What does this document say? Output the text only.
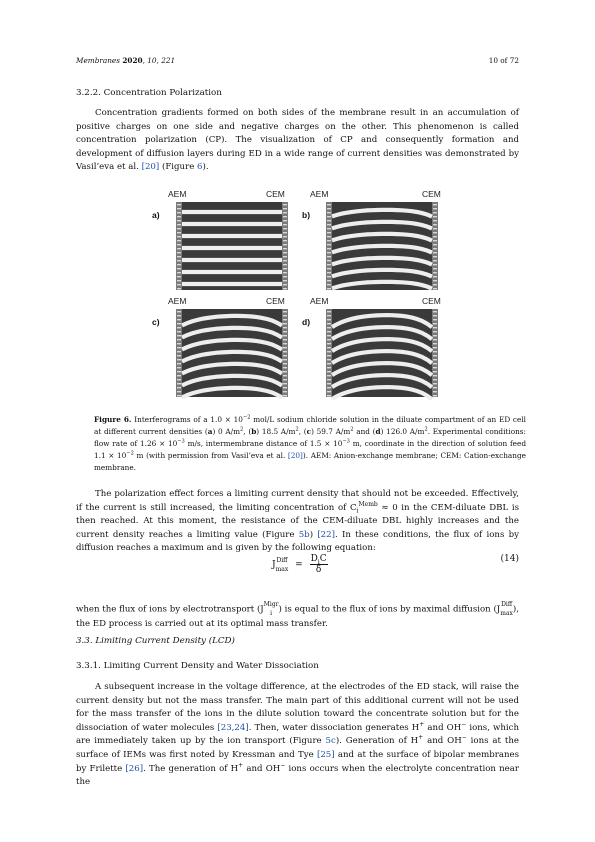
Membranes 2020, 10, 221	10 of 72
3.2.2. Concentration Polarization

Concentration gradients formed on both sides of the membrane result in an accumulation of positive charges on one side and negative charges on the other. This phenomenon is called concentration polarization (CP). The visualization of CP and consequently formation and development of diffusion layers during ED in a wide range of current densities was demonstrated by Vasil’eva et al. [20] (Figure 6).

AEM	CEM
a)
AEM	CEM
b)
AEM	CEM
c)
AEM	CEM
d)
Figure 6. Interferograms of a $1.0 \times 10^{-2}$ mol/L sodium chloride solution in the diluate compartment of an ED cell at different current densities (a) 0 $A/m^2$, (b) 18.5 $A/m^2$, (c) 59.7 $A/m^2$ and (d) 126.0 $A/m^2$. Experimental conditions: flow rate of $1.26 \times 10^{-3}$ m/s, intermembrane distance of $1.5 \times 10^{-3}$ m, coordinate in the direction of solution feed $1.1 \times 10^{-2}$ m (with permission from Vasil’eva et al. [20]). AEM: Anion-exchange membrane; CEM: Cation-exchange membrane.

The polarization effect forces a limiting current density that should not be exceeded. Effectively, if the current is still increased, the limiting concentration of $C_i^{Memb} \approx 0$ in the CEM-diluate DBL is then reached. At this moment, the resistance of the CEM-diluate DBL highly increases and the current density reaches a limiting value (Figure 5b) [22]. In these conditions, the flux of ions by diffusion reaches a maximum and is given by the following equation:

JDiff
max =
$D_iC$
δ
(14)

when the flux of ions by electrotransport (JMigr
i ) is equal to the flux of ions by maximal diffusion (JDiff
max), the ED process is carried out at its optimal mass transfer.

3.3. Limiting Current Density (LCD)
3.3.1. Limiting Current Density and Water Dissociation

A subsequent increase in the voltage difference, at the electrodes of the ED stack, will raise the current density but not the mass transfer. The main part of this additional current will not be used for the mass transfer of the ions in the dilute solution toward the concentrate solution but for the dissociation of water molecules [23,24]. Then, water dissociation generates H+ and OH− ions, which are immediately taken up by the ion transport (Figure 5c). Generation of H+ and OH− ions at the surface of IEMs was first noted by Kressman and Tye [25] and at the surface of bipolar membranes by Frilette [26]. The generation of H+ and OH− ions occurs when the electrolyte concentration near the
